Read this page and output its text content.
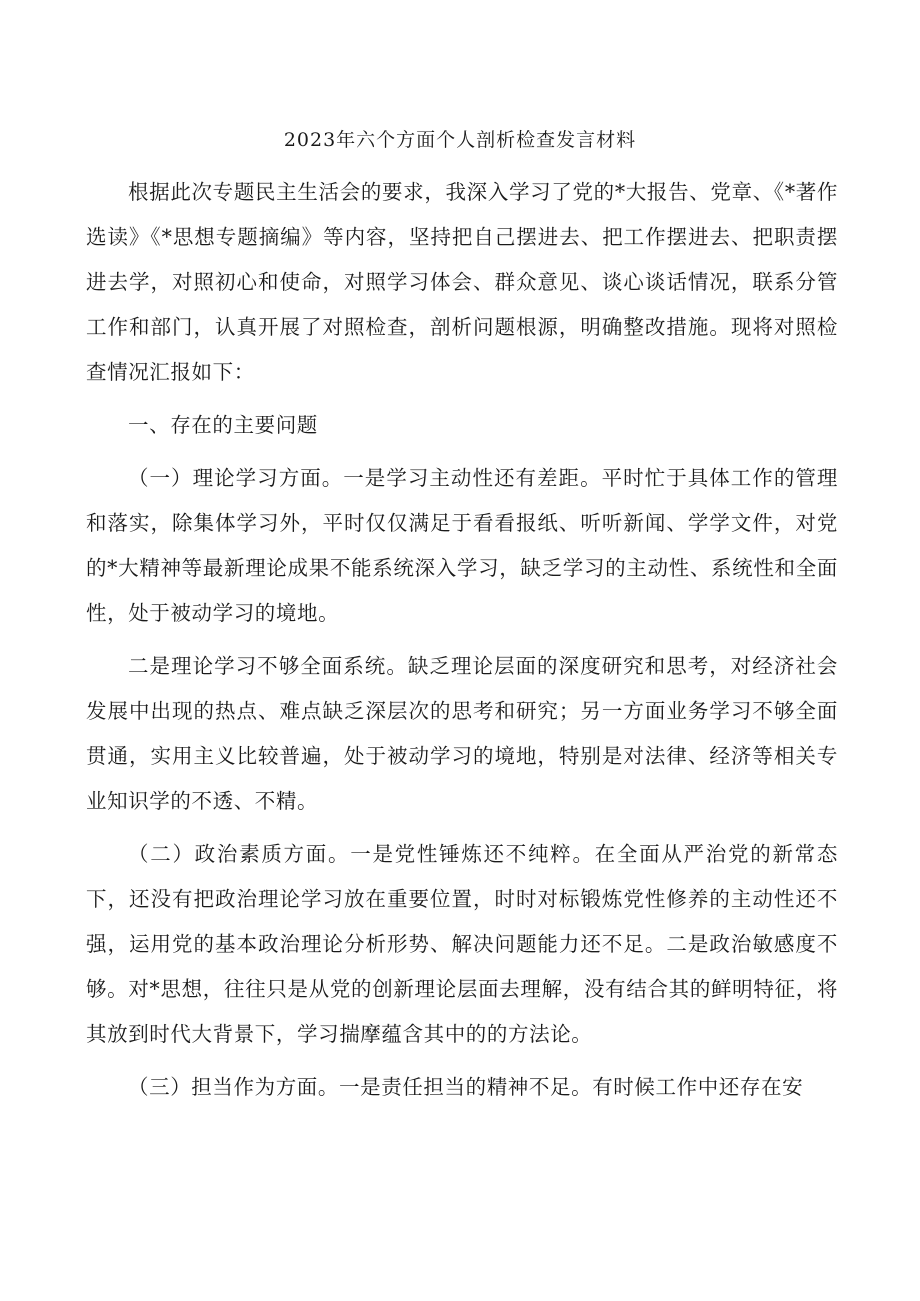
2023年六个方面个人剖析检查发言材料

根据此次专题民主生活会的要求，我深入学习了党的*大报告、党章、《*著作选读》《*思想专题摘编》等内容，坚持把自己摆进去、把工作摆进去、把职责摆进去学，对照初心和使命，对照学习体会、群众意见、谈心谈话情况，联系分管工作和部门，认真开展了对照检查，剖析问题根源，明确整改措施。现将对照检查情况汇报如下：

一、存在的主要问题

（一）理论学习方面。一是学习主动性还有差距。平时忙于具体工作的管理和落实，除集体学习外，平时仅仅满足于看看报纸、听听新闻、学学文件，对党的*大精神等最新理论成果不能系统深入学习，缺乏学习的主动性、系统性和全面性，处于被动学习的境地。

二是理论学习不够全面系统。缺乏理论层面的深度研究和思考，对经济社会发展中出现的热点、难点缺乏深层次的思考和研究；另一方面业务学习不够全面贯通，实用主义比较普遍，处于被动学习的境地，特别是对法律、经济等相关专业知识学的不透、不精。

（二）政治素质方面。一是党性锤炼还不纯粹。在全面从严治党的新常态下，还没有把政治理论学习放在重要位置，时时对标锻炼党性修养的主动性还不强，运用党的基本政治理论分析形势、解决问题能力还不足。二是政治敏感度不够。对*思想，往往只是从党的创新理论层面去理解，没有结合其的鲜明特征，将其放到时代大背景下，学习揣摩蕴含其中的的方法论。

（三）担当作为方面。一是责任担当的精神不足。有时候工作中还存在安
